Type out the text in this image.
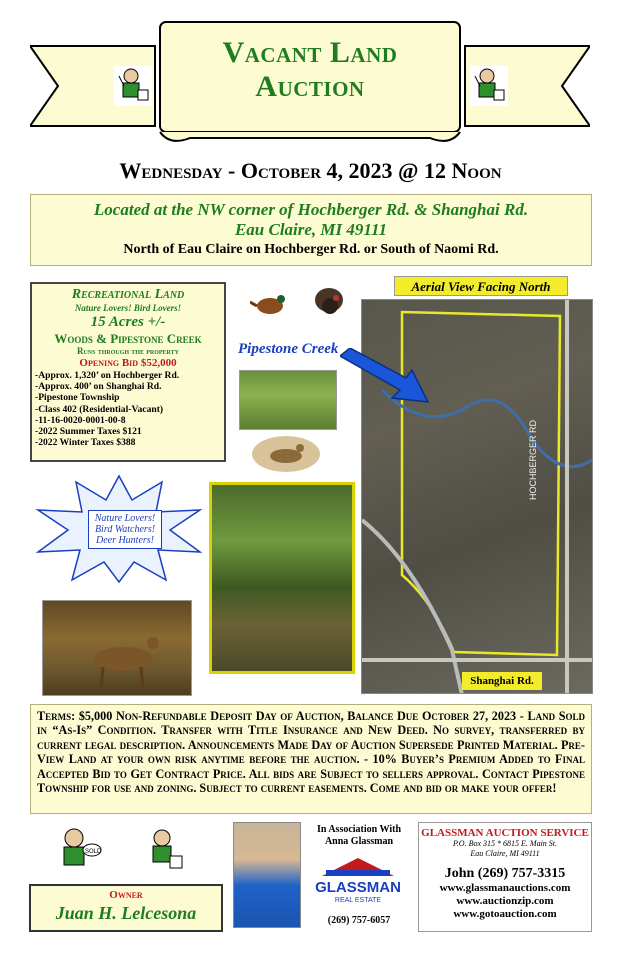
Vacant Land
Auction
Wednesday - October 4, 2023 @ 12 Noon
Located at the NW corner of Hochberger Rd. & Shanghai Rd.
Eau Claire, MI 49111
North of Eau Claire on Hochberger Rd. or South of Naomi Rd.
Recreational Land
Nature Lovers! Bird Lovers!
15 Acres +/-
Woods & Pipestone Creek
Runs through the property
Opening Bid $52,000
-Approx. 1,320’ on Hochberger Rd.
-Approx. 400’ on Shanghai Rd.
-Pipestone Township
-Class 402 (Residential-Vacant)
-11-16-0020-0001-00-8
-2022 Summer Taxes $121
-2022 Winter Taxes $388
Pipestone Creek
Aerial View Facing North
HOCHBERGER RD
Shanghai Rd.
Nature Lovers!
Bird Watchers!
Deer Hunters!
Terms: $5,000 Non-Refundable Deposit Day of Auction, Balance Due October 27, 2023 - Land Sold in “As-Is” Condition. Transfer with Title Insurance and New Deed. No survey, transferred by current legal description. Announcements Made Day of Auction Supersede Printed Material. Pre-View Land at your own risk anytime before the auction. - 10% Buyer’s Premium Added to Final Accepted Bid to Get Contract Price. All bids are Subject to sellers approval. Contact Pipestone Township for use and zoning. Subject to current easements. Come and bid or make your offer!
SOLD!
Owner
Juan H. Lelcesona
In Association With
Anna Glassman
GLASSMAN
REAL ESTATE
(269) 757-6057
GLASSMAN AUCTION SERVICE
P.O. Box 315 * 6815 E. Main St.
Eau Claire, MI 49111
John (269) 757-3315
www.glassmanauctions.com
www.auctionzip.com
www.gotoauction.com
